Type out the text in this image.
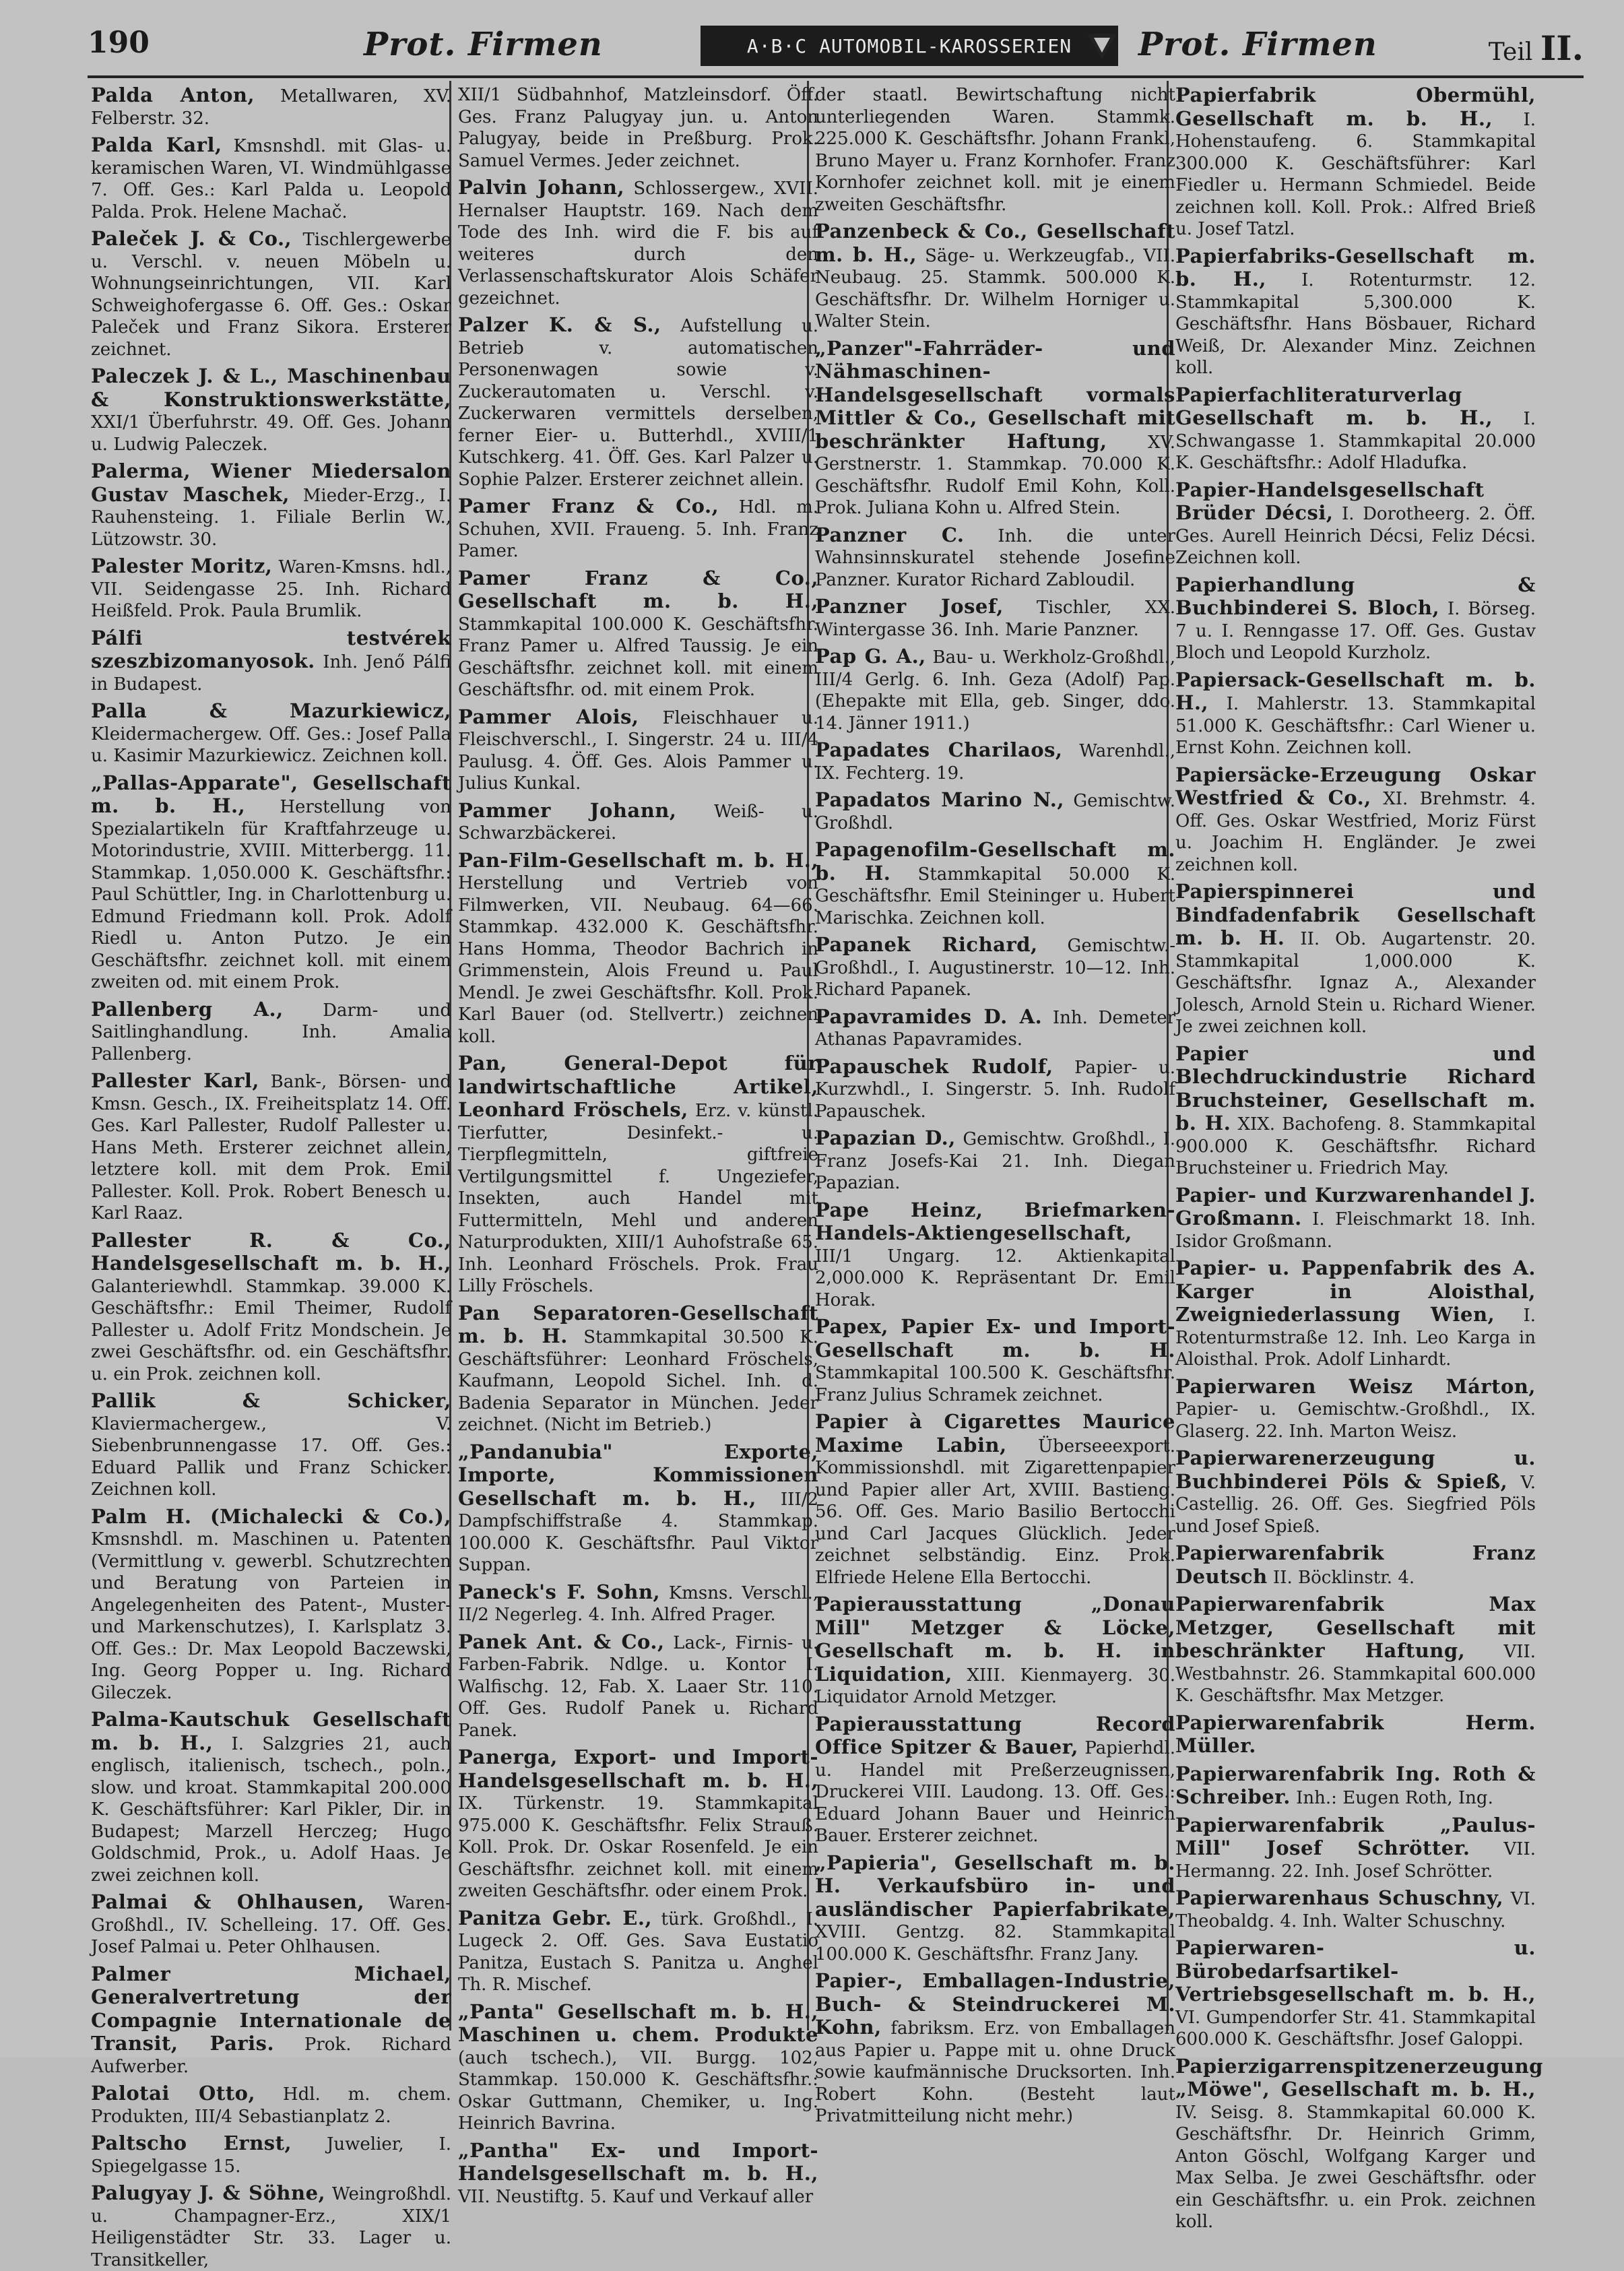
190	Prot. Firmen	A·B·C AUTOMOBIL-KAROSSERIEN	Prot. Firmen	Teil II.

Palda Anton, Metallwaren, XV. Felberstr. 32.

Palda Karl, Kmsnshdl. mit Glas- u. keramischen Waren, VI. Windmühlgasse 7. Off. Ges.: Karl Palda u. Leopold Palda. Prok. Helene Machač.

Paleček J. & Co., Tischlergewerbe u. Verschl. v. neuen Möbeln u. Wohnungseinrichtungen, VII. Karl Schweighofergasse 6. Off. Ges.: Oskar Paleček und Franz Sikora. Ersterer zeichnet.

Paleczek J. & L., Maschinenbau & Konstruktionswerkstätte, XXI/1 Überfuhrstr. 49. Off. Ges. Johann u. Ludwig Paleczek.

Palerma, Wiener Miedersalon Gustav Maschek, Mieder-Erzg., I. Rauhensteing. 1. Filiale Berlin W., Lützowstr. 30.

Palester Moritz, Waren-Kmsns. hdl., VII. Seidengasse 25. Inh. Richard Heißfeld. Prok. Paula Brumlik.

Pálfi testvérek szeszbizomanyosok. Inh. Jenő Pálfi in Budapest.

Palla & Mazurkiewicz, Kleidermachergew. Off. Ges.: Josef Palla u. Kasimir Mazurkiewicz. Zeichnen koll.

„Pallas-Apparate", Gesellschaft m. b. H., Herstellung von Spezialartikeln für Kraftfahrzeuge u. Motorindustrie, XVIII. Mitterbergg. 11. Stammkap. 1,050.000 K. Geschäftsfhr.: Paul Schüttler, Ing. in Charlottenburg u. Edmund Friedmann koll. Prok. Adolf Riedl u. Anton Putzo. Je ein Geschäftsfhr. zeichnet koll. mit einem zweiten od. mit einem Prok.

Pallenberg A., Darm- und Saitlinghandlung. Inh. Amalia Pallenberg.

Pallester Karl, Bank-, Börsen- und Kmsn. Gesch., IX. Freiheitsplatz 14. Off. Ges. Karl Pallester, Rudolf Pallester u. Hans Meth. Ersterer zeichnet allein, letztere koll. mit dem Prok. Emil Pallester. Koll. Prok. Robert Benesch u. Karl Raaz.

Pallester R. & Co., Handelsgesellschaft m. b. H., Galanteriewhdl. Stammkap. 39.000 K. Geschäftsfhr.: Emil Theimer, Rudolf Pallester u. Adolf Fritz Mondschein. Je zwei Geschäftsfhr. od. ein Geschäftsfhr. u. ein Prok. zeichnen koll.

Pallik & Schicker, Klaviermachergew., V. Siebenbrunnengasse 17. Off. Ges.: Eduard Pallik und Franz Schicker. Zeichnen koll.

Palm H. (Michalecki & Co.), Kmsnshdl. m. Maschinen u. Patenten (Vermittlung v. gewerbl. Schutzrechten und Beratung von Parteien in Angelegenheiten des Patent-, Muster- und Markenschutzes), I. Karlsplatz 3. Off. Ges.: Dr. Max Leopold Baczewski, Ing. Georg Popper u. Ing. Richard Gileczek.

Palma-Kautschuk Gesellschaft m. b. H., I. Salzgries 21, auch englisch, italienisch, tschech., poln., slow. und kroat. Stammkapital 200.000 K. Geschäftsführer: Karl Pikler, Dir. in Budapest; Marzell Herczeg; Hugo Goldschmid, Prok., u. Adolf Haas. Je zwei zeichnen koll.

Palmai & Ohlhausen, Waren-Großhdl., IV. Schelleing. 17. Off. Ges. Josef Palmai u. Peter Ohlhausen.

Palmer Michael, Generalvertretung der Compagnie Internationale de Transit, Paris. Prok. Richard Aufwerber.

Palotai Otto, Hdl. m. chem. Produkten, III/4 Sebastianplatz 2.

Paltscho Ernst, Juwelier, I. Spiegelgasse 15.

Palugyay J. & Söhne, Weingroßhdl. u. Champagner-Erz., XIX/1 Heiligenstädter Str. 33. Lager u. Transitkeller,

XII/1 Südbahnhof, Matzleinsdorf. Öff. Ges. Franz Palugyay jun. u. Anton Palugyay, beide in Preßburg. Prok. Samuel Vermes. Jeder zeichnet.

Palvin Johann, Schlossergew., XVII. Hernalser Hauptstr. 169. Nach dem Tode des Inh. wird die F. bis auf weiteres durch den Verlassenschaftskurator Alois Schäfer gezeichnet.

Palzer K. & S., Aufstellung u. Betrieb v. automatischen Personenwagen sowie v. Zuckerautomaten u. Verschl. v. Zuckerwaren vermittels derselben, ferner Eier- u. Butterhdl., XVIII/1 Kutschkerg. 41. Öff. Ges. Karl Palzer u. Sophie Palzer. Ersterer zeichnet allein.

Pamer Franz & Co., Hdl. m. Schuhen, XVII. Fraueng. 5. Inh. Franz Pamer.

Pamer Franz & Co., Gesellschaft m. b. H., Stammkapital 100.000 K. Geschäftsfhr. Franz Pamer u. Alfred Taussig. Je ein Geschäftsfhr. zeichnet koll. mit einem Geschäftsfhr. od. mit einem Prok.

Pammer Alois, Fleischhauer u. Fleischverschl., I. Singerstr. 24 u. III/4 Paulusg. 4. Öff. Ges. Alois Pammer u. Julius Kunkal.

Pammer Johann, Weiß- u. Schwarzbäckerei.

Pan-Film-Gesellschaft m. b. H., Herstellung und Vertrieb von Filmwerken, VII. Neubaug. 64—66. Stammkap. 432.000 K. Geschäftsfhr. Hans Homma, Theodor Bachrich in Grimmenstein, Alois Freund u. Paul Mendl. Je zwei Geschäftsfhr. Koll. Prok. Karl Bauer (od. Stellvertr.) zeichnen koll.

Pan, General-Depot für landwirtschaftliche Artikel, Leonhard Fröschels, Erz. v. künstl. Tierfutter, Desinfekt.- u. Tierpflegmitteln, giftfreie Vertilgungsmittel f. Ungeziefer, Insekten, auch Handel mit Futtermitteln, Mehl und anderen Naturprodukten, XIII/1 Auhofstraße 65. Inh. Leonhard Fröschels. Prok. Frau Lilly Fröschels.

Pan Separatoren-Gesellschaft m. b. H. Stammkapital 30.500 K. Geschäftsführer: Leonhard Fröschels, Kaufmann, Leopold Sichel. Inh. d. Badenia Separator in München. Jeder zeichnet. (Nicht im Betrieb.)

„Pandanubia" Exporte, Importe, Kommissionen Gesellschaft m. b. H., III/2 Dampfschiffstraße 4. Stammkap. 100.000 K. Geschäftsfhr. Paul Viktor Suppan.

Paneck's F. Sohn, Kmsns. Verschl., II/2 Negerleg. 4. Inh. Alfred Prager.

Panek Ant. & Co., Lack-, Firnis- u. Farben-Fabrik. Ndlge. u. Kontor I. Walfischg. 12, Fab. X. Laaer Str. 110. Off. Ges. Rudolf Panek u. Richard Panek.

Panerga, Export- und Import-Handelsgesellschaft m. b. H., IX. Türkenstr. 19. Stammkapital 975.000 K. Geschäftsfhr. Felix Strauß. Koll. Prok. Dr. Oskar Rosenfeld. Je ein Geschäftsfhr. zeichnet koll. mit einem zweiten Geschäftsfhr. oder einem Prok.

Panitza Gebr. E., türk. Großhdl., I. Lugeck 2. Off. Ges. Sava Eustatio Panitza, Eustach S. Panitza u. Anghel Th. R. Mischef.

„Panta" Gesellschaft m. b. H., Maschinen u. chem. Produkte (auch tschech.), VII. Burgg. 102, Stammkap. 150.000 K. Geschäftsfhr.: Oskar Guttmann, Chemiker, u. Ing. Heinrich Bavrina.

„Pantha" Ex- und Import-Handelsgesellschaft m. b. H., VII. Neustiftg. 5. Kauf und Verkauf aller

der staatl. Bewirtschaftung nicht unterliegenden Waren. Stammk. 225.000 K. Geschäftsfhr. Johann Frankl, Bruno Mayer u. Franz Kornhofer. Franz Kornhofer zeichnet koll. mit je einem zweiten Geschäftsfhr.

Panzenbeck & Co., Gesellschaft m. b. H., Säge- u. Werkzeugfab., VII. Neubaug. 25. Stammk. 500.000 K. Geschäftsfhr. Dr. Wilhelm Horniger u. Walter Stein.

„Panzer"-Fahrräder- und Nähmaschinen-Handelsgesellschaft vormals Mittler & Co., Gesellschaft mit beschränkter Haftung, XV. Gerstnerstr. 1. Stammkap. 70.000 K. Geschäftsfhr. Rudolf Emil Kohn, Koll. Prok. Juliana Kohn u. Alfred Stein.

Panzner C. Inh. die unter Wahnsinnskuratel stehende Josefine Panzner. Kurator Richard Zabloudil.

Panzner Josef, Tischler, XX. Wintergasse 36. Inh. Marie Panzner.

Pap G. A., Bau- u. Werkholz-Großhdl., III/4 Gerlg. 6. Inh. Geza (Adolf) Pap. (Ehepakte mit Ella, geb. Singer, ddo. 14. Jänner 1911.)

Papadates Charilaos, Warenhdl., IX. Fechterg. 19.

Papadatos Marino N., Gemischtw. Großhdl.

Papagenofilm-Gesellschaft m. b. H. Stammkapital 50.000 K. Geschäftsfhr. Emil Steininger u. Hubert Marischka. Zeichnen koll.

Papanek Richard, Gemischtw.-Großhdl., I. Augustinerstr. 10—12. Inh. Richard Papanek.

Papavramides D. A. Inh. Demeter Athanas Papavramides.

Papauschek Rudolf, Papier- u. Kurzwhdl., I. Singerstr. 5. Inh. Rudolf Papauschek.

Papazian D., Gemischtw. Großhdl., I. Franz Josefs-Kai 21. Inh. Diegan Papazian.

Pape Heinz, Briefmarken-Handels-Aktiengesellschaft, III/1 Ungarg. 12. Aktienkapital 2,000.000 K. Repräsentant Dr. Emil Horak.

Papex, Papier Ex- und Import-Gesellschaft m. b. H. Stammkapital 100.500 K. Geschäftsfhr. Franz Julius Schramek zeichnet.

Papier à Cigarettes Maurice Maxime Labin, Überseeexport. Kommissionshdl. mit Zigarettenpapier und Papier aller Art, XVIII. Bastieng. 56. Off. Ges. Mario Basilio Bertocchi und Carl Jacques Glücklich. Jeder zeichnet selbständig. Einz. Prok. Elfriede Helene Ella Bertocchi.

Papierausstattung „Donau Mill" Metzger & Löcke, Gesellschaft m. b. H. in Liquidation, XIII. Kienmayerg. 30. Liquidator Arnold Metzger.

Papierausstattung Record Office Spitzer & Bauer, Papierhdl. u. Handel mit Preßerzeugnissen, Druckerei VIII. Laudong. 13. Off. Ges.: Eduard Johann Bauer und Heinrich Bauer. Ersterer zeichnet.

„Papieria", Gesellschaft m. b. H. Verkaufsbüro in- und ausländischer Papierfabrikate, XVIII. Gentzg. 82. Stammkapital 100.000 K. Geschäftsfhr. Franz Jany.

Papier-, Emballagen-Industrie, Buch- & Steindruckerei M. Kohn, fabriksm. Erz. von Emballagen aus Papier u. Pappe mit u. ohne Druck sowie kaufmännische Drucksorten. Inh. Robert Kohn. (Besteht laut Privatmitteilung nicht mehr.)

Papierfabrik Obermühl, Gesellschaft m. b. H., I. Hohenstaufeng. 6. Stammkapital 300.000 K. Geschäftsführer: Karl Fiedler u. Hermann Schmiedel. Beide zeichnen koll. Koll. Prok.: Alfred Brieß u. Josef Tatzl.

Papierfabriks-Gesellschaft m. b. H., I. Rotenturmstr. 12. Stammkapital 5,300.000 K. Geschäftsfhr. Hans Bösbauer, Richard Weiß, Dr. Alexander Minz. Zeichnen koll.

Papierfachliteraturverlag Gesellschaft m. b. H., I. Schwangasse 1. Stammkapital 20.000 K. Geschäftsfhr.: Adolf Hladufka.

Papier-Handelsgesellschaft Brüder Décsi, I. Dorotheerg. 2. Öff. Ges. Aurell Heinrich Décsi, Feliz Décsi. Zeichnen koll.

Papierhandlung & Buchbinderei S. Bloch, I. Börseg. 7 u. I. Renngasse 17. Off. Ges. Gustav Bloch und Leopold Kurzholz.

Papiersack-Gesellschaft m. b. H., I. Mahlerstr. 13. Stammkapital 51.000 K. Geschäftsfhr.: Carl Wiener u. Ernst Kohn. Zeichnen koll.

Papiersäcke-Erzeugung Oskar Westfried & Co., XI. Brehmstr. 4. Off. Ges. Oskar Westfried, Moriz Fürst u. Joachim H. Engländer. Je zwei zeichnen koll.

Papierspinnerei und Bindfadenfabrik Gesellschaft m. b. H. II. Ob. Augartenstr. 20. Stammkapital 1,000.000 K. Geschäftsfhr. Ignaz A., Alexander Jolesch, Arnold Stein u. Richard Wiener. Je zwei zeichnen koll.

Papier und Blechdruckindustrie Richard Bruchsteiner, Gesellschaft m. b. H. XIX. Bachofeng. 8. Stammkapital 900.000 K. Geschäftsfhr. Richard Bruchsteiner u. Friedrich May.

Papier- und Kurzwarenhandel J. Großmann. I. Fleischmarkt 18. Inh. Isidor Großmann.

Papier- u. Pappenfabrik des A. Karger in Aloisthal, Zweigniederlassung Wien, I. Rotenturmstraße 12. Inh. Leo Karga in Aloisthal. Prok. Adolf Linhardt.

Papierwaren Weisz Márton, Papier- u. Gemischtw.-Großhdl., IX. Glaserg. 22. Inh. Marton Weisz.

Papierwarenerzeugung u. Buchbinderei Pöls & Spieß, V. Castellig. 26. Off. Ges. Siegfried Pöls und Josef Spieß.

Papierwarenfabrik Franz Deutsch II. Böcklinstr. 4.

Papierwarenfabrik Max Metzger, Gesellschaft mit beschränkter Haftung, VII. Westbahnstr. 26. Stammkapital 600.000 K. Geschäftsfhr. Max Metzger.

Papierwarenfabrik Herm. Müller.

Papierwarenfabrik Ing. Roth & Schreiber. Inh.: Eugen Roth, Ing.

Papierwarenfabrik „Paulus-Mill" Josef Schrötter. VII. Hermanng. 22. Inh. Josef Schrötter.

Papierwarenhaus Schuschny, VI. Theobaldg. 4. Inh. Walter Schuschny.

Papierwaren- u. Bürobedarfsartikel-Vertriebsgesellschaft m. b. H., VI. Gumpendorfer Str. 41. Stammkapital 600.000 K. Geschäftsfhr. Josef Galoppi.

Papierzigarrenspitzenerzeugung „Möwe", Gesellschaft m. b. H., IV. Seisg. 8. Stammkapital 60.000 K. Geschäftsfhr. Dr. Heinrich Grimm, Anton Göschl, Wolfgang Karger und Max Selba. Je zwei Geschäftsfhr. oder ein Geschäftsfhr. u. ein Prok. zeichnen koll.
